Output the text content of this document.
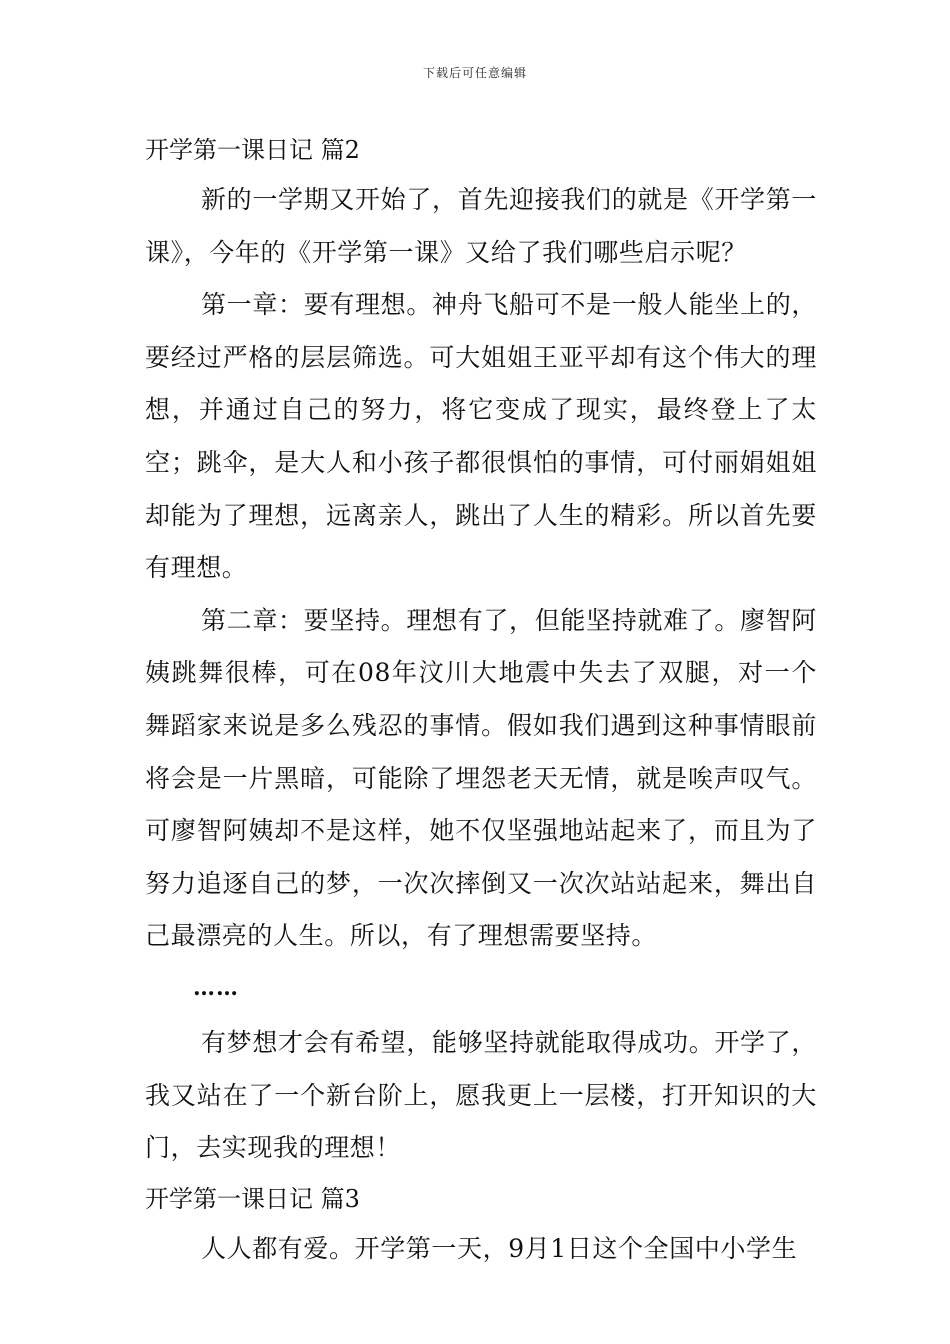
下载后可任意编辑
开学第一课日记 篇2

新的一学期又开始了，首先迎接我们的就是《开学第一课》，今年的《开学第一课》又给了我们哪些启示呢？

第一章：要有理想。神舟飞船可不是一般人能坐上的，要经过严格的层层筛选。可大姐姐王亚平却有这个伟大的理想，并通过自己的努力，将它变成了现实，最终登上了太空；跳伞，是大人和小孩子都很惧怕的事情，可付丽娟姐姐却能为了理想，远离亲人，跳出了人生的精彩。所以首先要有理想。

第二章：要坚持。理想有了，但能坚持就难了。廖智阿姨跳舞很棒，可在08年汶川大地震中失去了双腿，对一个舞蹈家来说是多么残忍的事情。假如我们遇到这种事情眼前将会是一片黑暗，可能除了埋怨老天无情，就是唉声叹气。可廖智阿姨却不是这样，她不仅坚强地站起来了，而且为了努力追逐自己的梦，一次次摔倒又一次次站站起来，舞出自己最漂亮的人生。所以，有了理想需要坚持。

……

有梦想才会有希望，能够坚持就能取得成功。开学了，我又站在了一个新台阶上，愿我更上一层楼，打开知识的大门，去实现我的理想！

开学第一课日记 篇3

人人都有爱。开学第一天，9月1日这个全国中小学生
